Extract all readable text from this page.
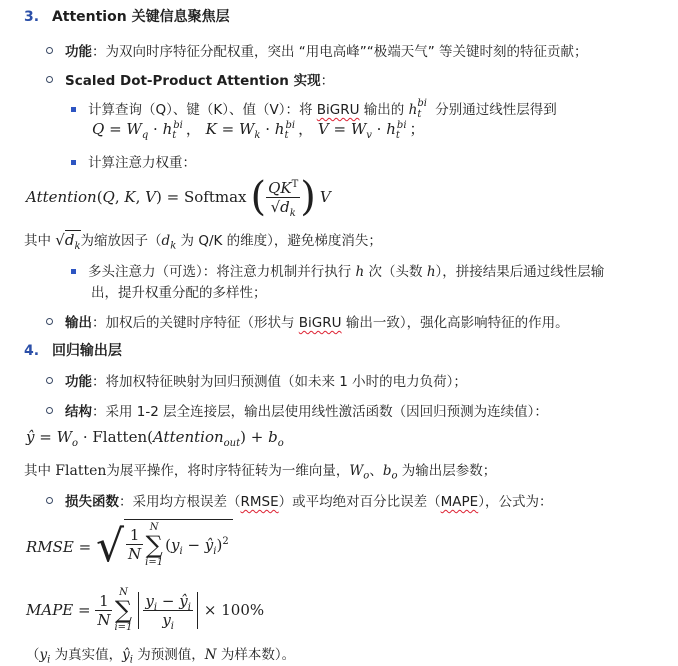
3. Attention 关键信息聚焦层
功能：为双向时序特征分配权重，突出 “用电高峰”“极端天气” 等关键时刻的特征贡献；
Scaled Dot-Product Attention 实现：
计算查询（Q）、键（K）、值（V）：将 BiGRU 输出的 $h_t^{bi}$ 分别通过线性层得到
$Q = W_q \cdot h_t^{bi}$ ， $K = W_k \cdot h_t^{bi}$ ， $V = W_v \cdot h_t^{bi}$ ；
计算注意力权重：
Attention ( Q , K , V ) = Softmax ( $\frac{QK^T}{√d_k}$ ) V
其中 $√d_k$为缩放因子（$d_k$ 为 Q/K 的维度），避免梯度消失；
多头注意力（可选）：将注意力机制并行执行 h 次（头数 h），拼接结果后通过线性层输
出，提升权重分配的多样性；
输出：加权后的关键时序特征（形状与 BiGRU 输出一致），强化高影响特征的作用。
4. 回归输出层
功能：将加权特征映射为回归预测值（如未来 1 小时的电力负荷）；
结构：采用 1-2 层全连接层，输出层使用线性激活函数（因回归预测为连续值）：
ŷ = $W_o$ · Flatten(Attention$_{out}$) + $b_o$
其中 Flatten为展平操作，将时序特征转为一维向量，$W_o$、$b_o$ 为输出层参数；
损失函数：采用均方根误差（RMSE）或平均绝对百分比误差（MAPE），公式为：
RMSE = √ $\frac{1}{N}$ N
∑
i=1
($y_i$ − $ŷ_i)^2$
MAPE = $\frac{1}{N}$ N
∑
$i=1 \frac{y_i - ŷ_i}{y_i} \times 100\%$
（$y_i$ 为真实值，$ŷ_i$ 为预测值，N 为样本数）。
